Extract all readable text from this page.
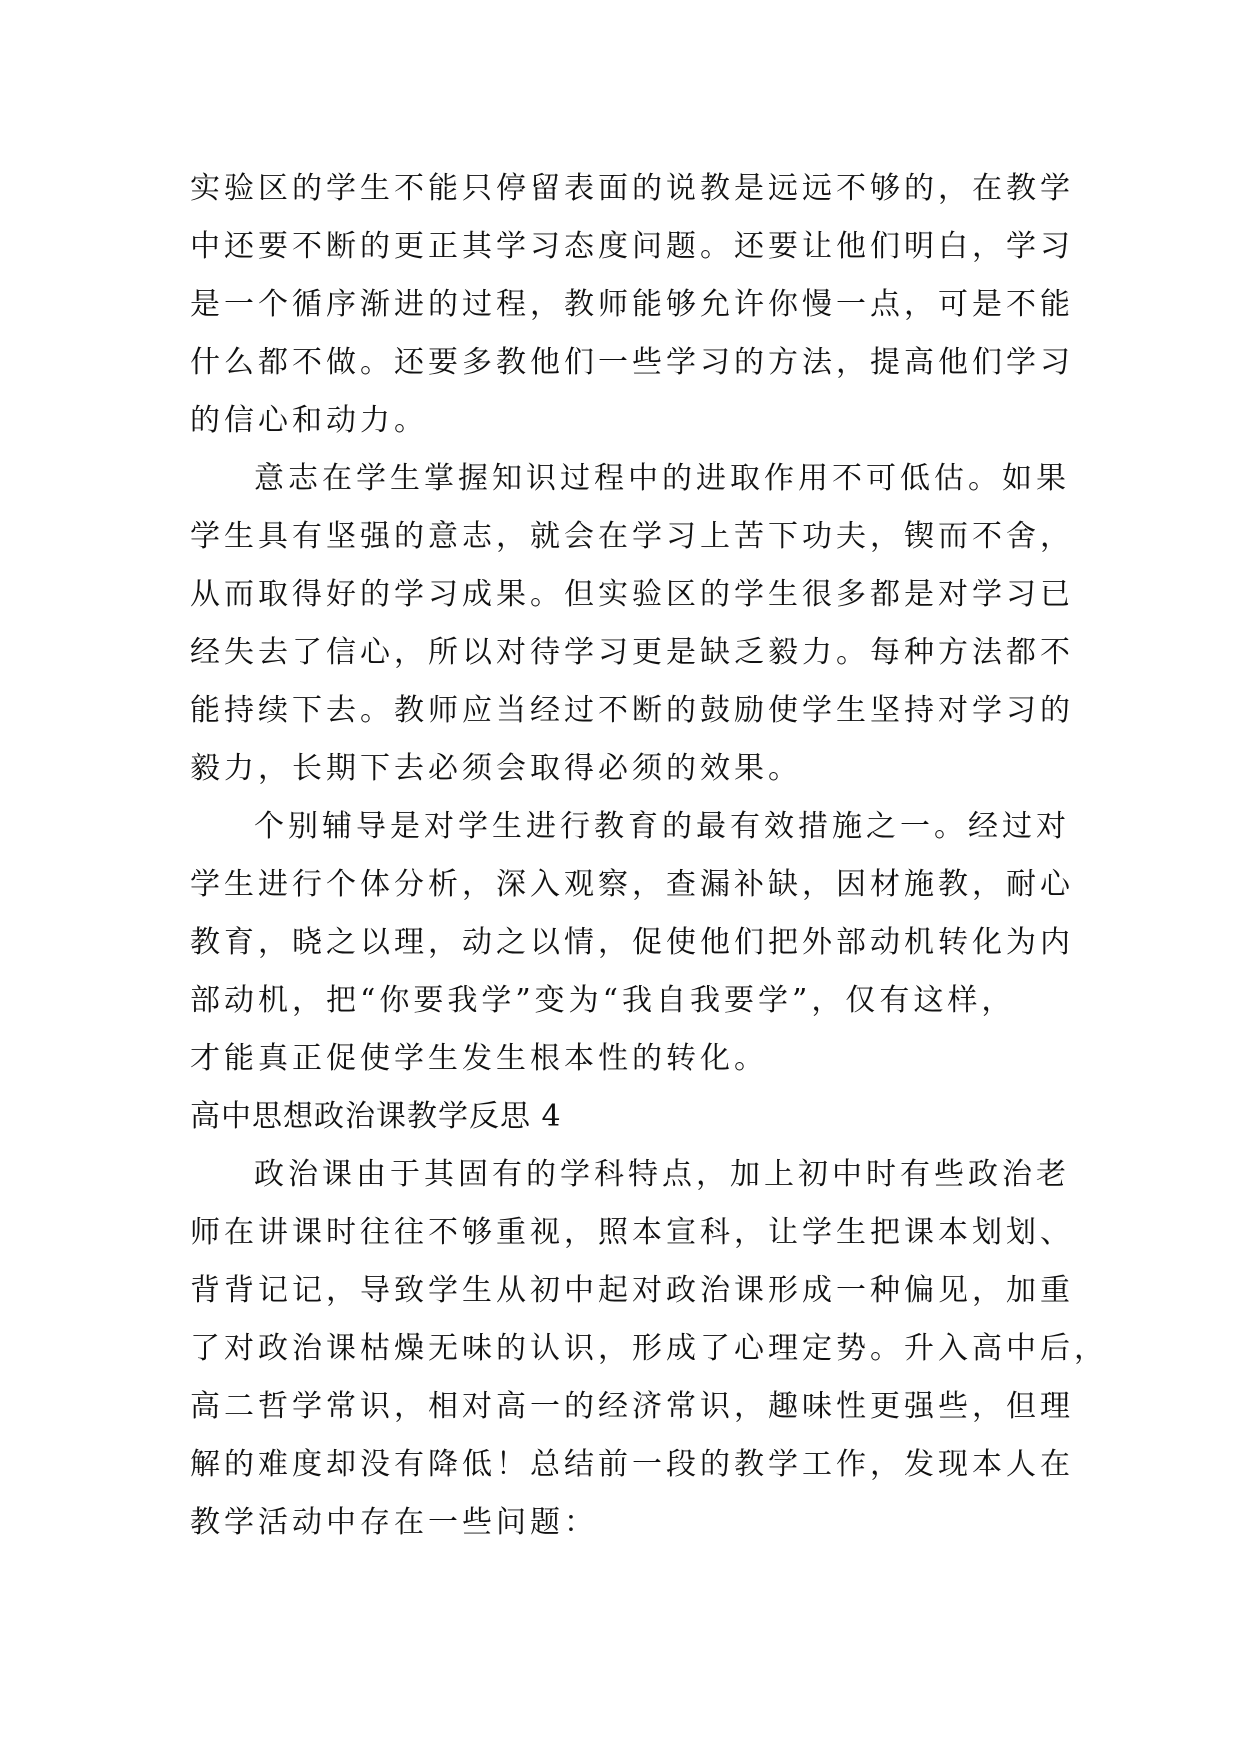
实验区的学生不能只停留表面的说教是远远不够的，在教学
中还要不断的更正其学习态度问题。还要让他们明白，学习
是一个循序渐进的过程，教师能够允许你慢一点，可是不能
什么都不做。还要多教他们一些学习的方法，提高他们学习
的信心和动力。
意志在学生掌握知识过程中的进取作用不可低估。如果
学生具有坚强的意志，就会在学习上苦下功夫，锲而不舍，
从而取得好的学习成果。但实验区的学生很多都是对学习已
经失去了信心，所以对待学习更是缺乏毅力。每种方法都不
能持续下去。教师应当经过不断的鼓励使学生坚持对学习的
毅力，长期下去必须会取得必须的效果。
个别辅导是对学生进行教育的最有效措施之一。经过对
学生进行个体分析，深入观察，查漏补缺，因材施教，耐心
教育，晓之以理，动之以情，促使他们把外部动机转化为内
部动机，把“你要我学”变为“我自我要学”，仅有这样，
才能真正促使学生发生根本性的转化。
高中思想政治课教学反思 4
政治课由于其固有的学科特点，加上初中时有些政治老
师在讲课时往往不够重视，照本宣科，让学生把课本划划、
背背记记，导致学生从初中起对政治课形成一种偏见，加重
了对政治课枯燥无味的认识，形成了心理定势。升入高中后，
高二哲学常识，相对高一的经济常识，趣味性更强些，但理
解的难度却没有降低！总结前一段的教学工作，发现本人在
教学活动中存在一些问题：
